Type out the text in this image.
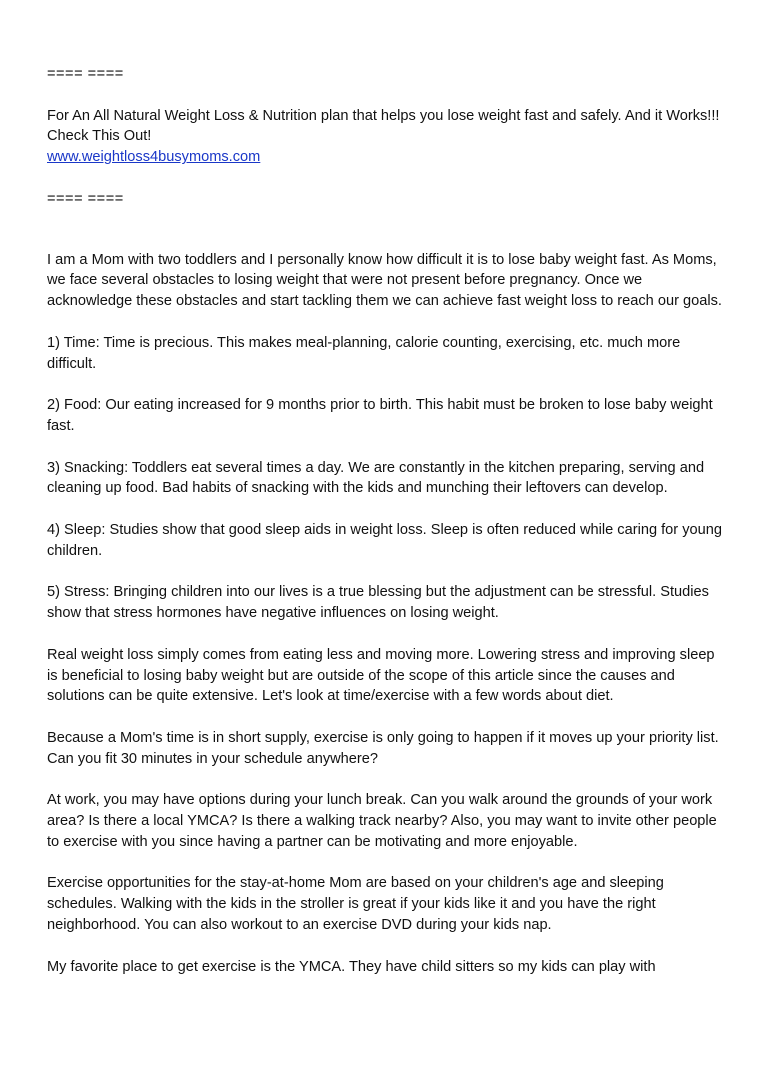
==== ====

For An All Natural Weight Loss & Nutrition plan that helps you lose weight fast and safely. And it Works!!! Check This Out!
www.weightloss4busymoms.com

==== ====

I am a Mom with two toddlers and I personally know how difficult it is to lose baby weight fast. As Moms, we face several obstacles to losing weight that were not present before pregnancy. Once we acknowledge these obstacles and start tackling them we can achieve fast weight loss to reach our goals.

1) Time: Time is precious. This makes meal-planning, calorie counting, exercising, etc. much more difficult.

2) Food: Our eating increased for 9 months prior to birth. This habit must be broken to lose baby weight fast.

3) Snacking: Toddlers eat several times a day. We are constantly in the kitchen preparing, serving and cleaning up food. Bad habits of snacking with the kids and munching their leftovers can develop.

4) Sleep: Studies show that good sleep aids in weight loss. Sleep is often reduced while caring for young children.

5) Stress: Bringing children into our lives is a true blessing but the adjustment can be stressful. Studies show that stress hormones have negative influences on losing weight.

Real weight loss simply comes from eating less and moving more. Lowering stress and improving sleep is beneficial to losing baby weight but are outside of the scope of this article since the causes and solutions can be quite extensive. Let's look at time/exercise with a few words about diet.

Because a Mom's time is in short supply, exercise is only going to happen if it moves up your priority list. Can you fit 30 minutes in your schedule anywhere?

At work, you may have options during your lunch break. Can you walk around the grounds of your work area? Is there a local YMCA? Is there a walking track nearby? Also, you may want to invite other people to exercise with you since having a partner can be motivating and more enjoyable.

Exercise opportunities for the stay-at-home Mom are based on your children's age and sleeping schedules. Walking with the kids in the stroller is great if your kids like it and you have the right neighborhood. You can also workout to an exercise DVD during your kids nap.

My favorite place to get exercise is the YMCA. They have child sitters so my kids can play with
